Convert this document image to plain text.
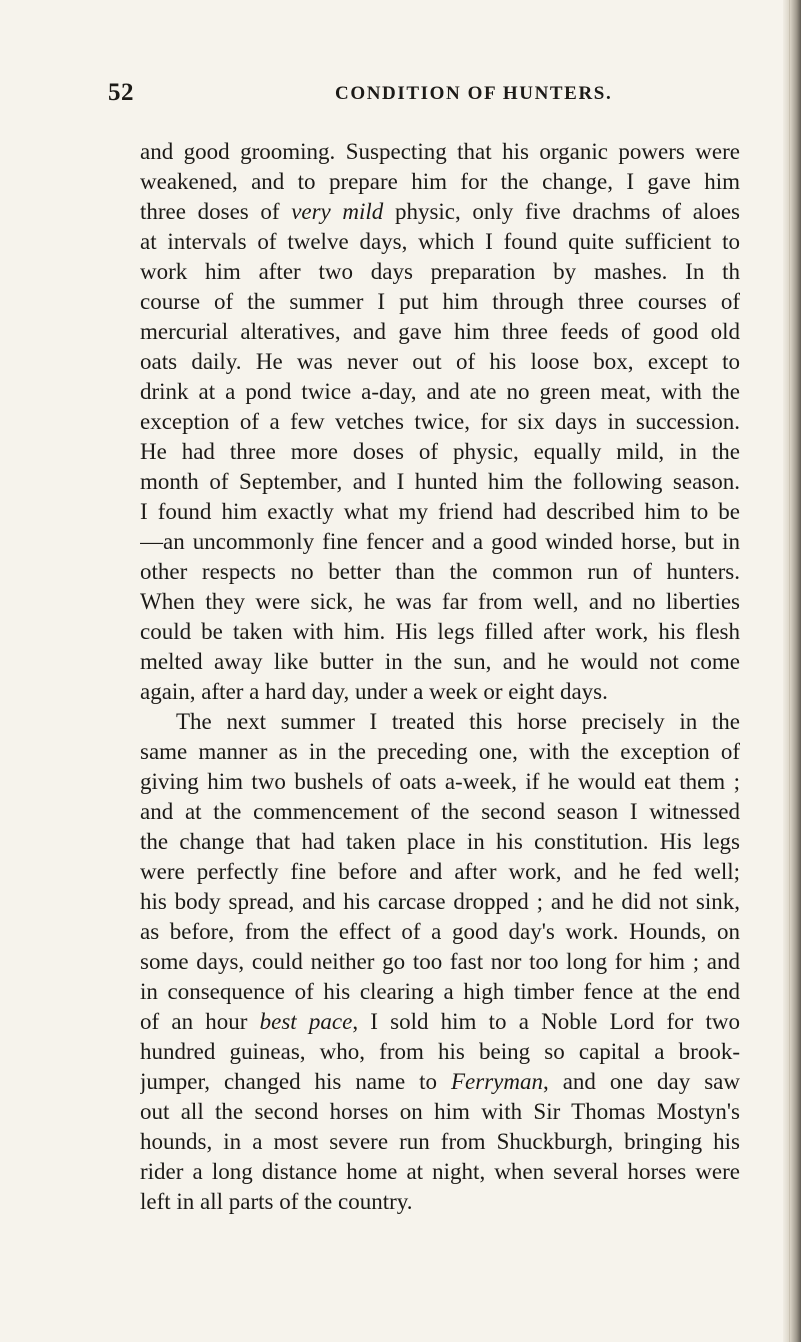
52	CONDITION OF HUNTERS.
and good grooming. Suspecting that his organic powers were
weakened, and to prepare him for the change, I gave him
three doses of very mild physic, only five drachms of aloes
at intervals of twelve days, which I found quite sufficient to
work him after two days preparation by mashes. In th
course of the summer I put him through three courses of
mercurial alteratives, and gave him three feeds of good old
oats daily. He was never out of his loose box, except to
drink at a pond twice a-day, and ate no green meat, with the
exception of a few vetches twice, for six days in succession.
He had three more doses of physic, equally mild, in the
month of September, and I hunted him the following season.
I found him exactly what my friend had described him to be
—an uncommonly fine fencer and a good winded horse, but in
other respects no better than the common run of hunters.
When they were sick, he was far from well, and no liberties
could be taken with him. His legs filled after work, his flesh
melted away like butter in the sun, and he would not come
again, after a hard day, under a week or eight days.
The next summer I treated this horse precisely in the
same manner as in the preceding one, with the exception of
giving him two bushels of oats a-week, if he would eat them ;
and at the commencement of the second season I witnessed
the change that had taken place in his constitution. His legs
were perfectly fine before and after work, and he fed well;
his body spread, and his carcase dropped ; and he did not sink,
as before, from the effect of a good day's work. Hounds, on
some days, could neither go too fast nor too long for him ; and
in consequence of his clearing a high timber fence at the end
of an hour best pace, I sold him to a Noble Lord for two
hundred guineas, who, from his being so capital a brook-
jumper, changed his name to Ferryman, and one day saw
out all the second horses on him with Sir Thomas Mostyn's
hounds, in a most severe run from Shuckburgh, bringing his
rider a long distance home at night, when several horses were
left in all parts of the country.
